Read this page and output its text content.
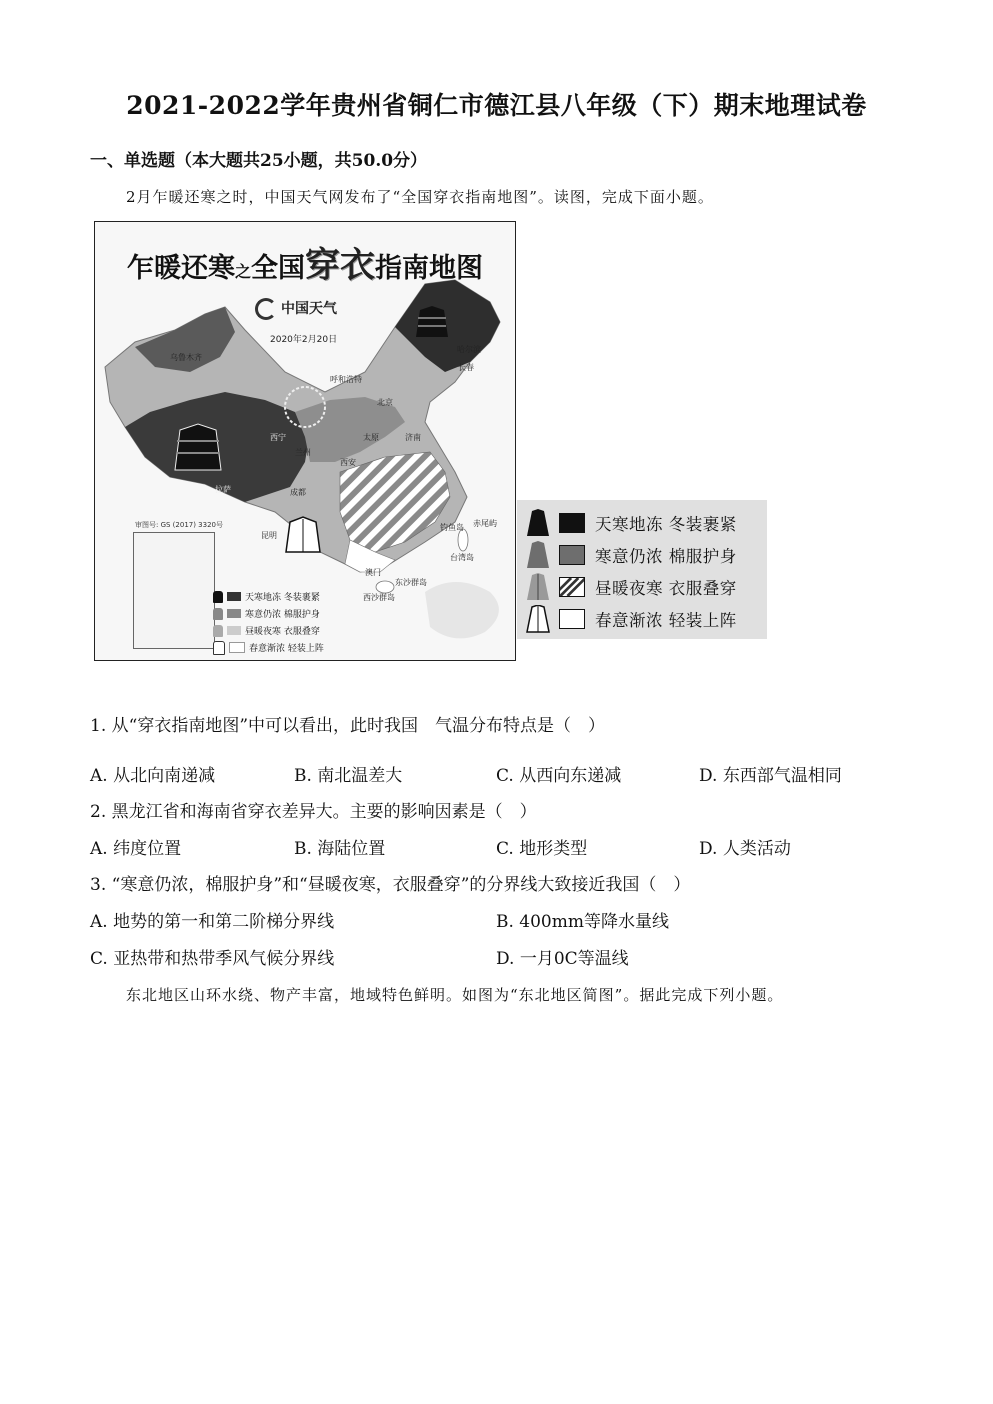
2021-2022学年贵州省铜仁市德江县八年级（下）期末地理试卷
一、单选题（本大题共25小题，共50.0分）
2月乍暖还寒之时，中国天气网发布了“全国穿衣指南地图”。读图，完成下面小题。
乍暖还寒之全国穿衣指南地图
中国天气
2020年2月20日
乌鲁木齐
哈尔滨
长春
呼和浩特
北京
西宁
兰州
太原	济南
拉萨
西安
成都
昆明
台湾岛
赤尾屿
钓鱼岛
澳门
东沙群岛
西沙群岛
审图号: GS (2017) 3320号
天寒地冻 冬装裹紧
寒意仍浓 棉服护身
昼暖夜寒 衣服叠穿
春意渐浓 轻装上阵
天寒地冻 冬装裹紧
寒意仍浓 棉服护身
昼暖夜寒 衣服叠穿
春意渐浓 轻装上阵
1. 从“穿衣指南地图”中可以看出，此时我国　气温分布特点是（　）
A. 从北向南递减	B. 南北温差大	C. 从西向东递减	D. 东西部气温相同
2. 黑龙江省和海南省穿衣差异大。主要的影响因素是（　）
A. 纬度位置	B. 海陆位置	C. 地形类型	D. 人类活动
3. “寒意仍浓，棉服护身”和“昼暖夜寒，衣服叠穿”的分界线大致接近我国（　）
A. 地势的第一和第二阶梯分界线	B. 400mm等降水量线
C. 亚热带和热带季风气候分界线	D. 一月0C等温线
东北地区山环水绕、物产丰富，地域特色鲜明。如图为“东北地区简图”。据此完成下列小题。
